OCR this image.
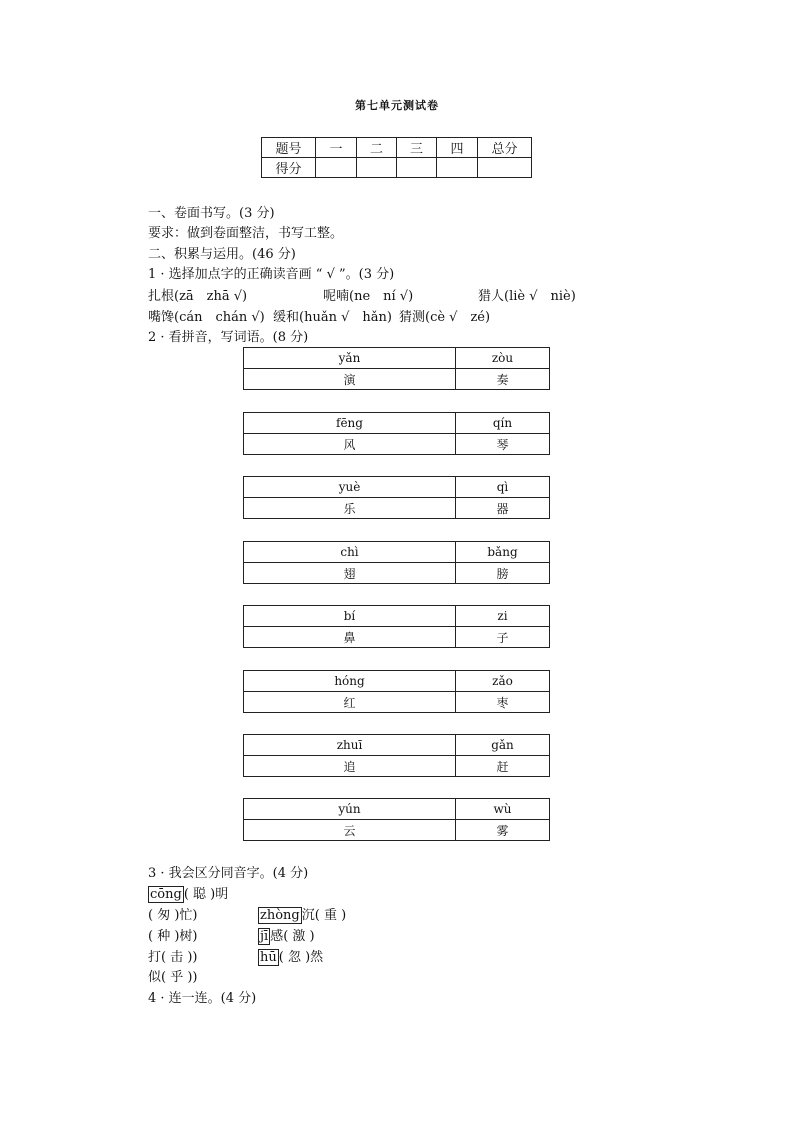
第七单元测试卷
题号	一	二	三	四	总分
得分					
一、卷面书写。(3 分)
要求：做到卷面整洁，书写工整。
二、积累与运用。(46 分)
1 · 选择加点字的正确读音画 “ √ ”。(3 分)
扎根(zā　zhā √)	呢喃(ne　ní √)	猎人(liè √　niè)
嘴馋(cán　chán √) 缓和(huǎn √　hǎn) 猜测(cè √　zé)
2 · 看拼音，写词语。(8 分)
yǎn	zòu
演	奏
fēng	qín
风	琴
yuè	qì
乐	器
chì	bǎng
翅	膀
bí	zi
鼻	子
hóng	zǎo
红	枣
zhuī	gǎn
追	赶
yún	wù
云	雾
3 · 我会区分同音字。(4 分)
cōng ( 聪 )明
( 匆 )忙)	zhòng 沉( 重 )
( 种 )树)	jī 感( 激 )
打( 击 ))	hū ( 忽 )然
似( 乎 ))
4 · 连一连。(4 分)
